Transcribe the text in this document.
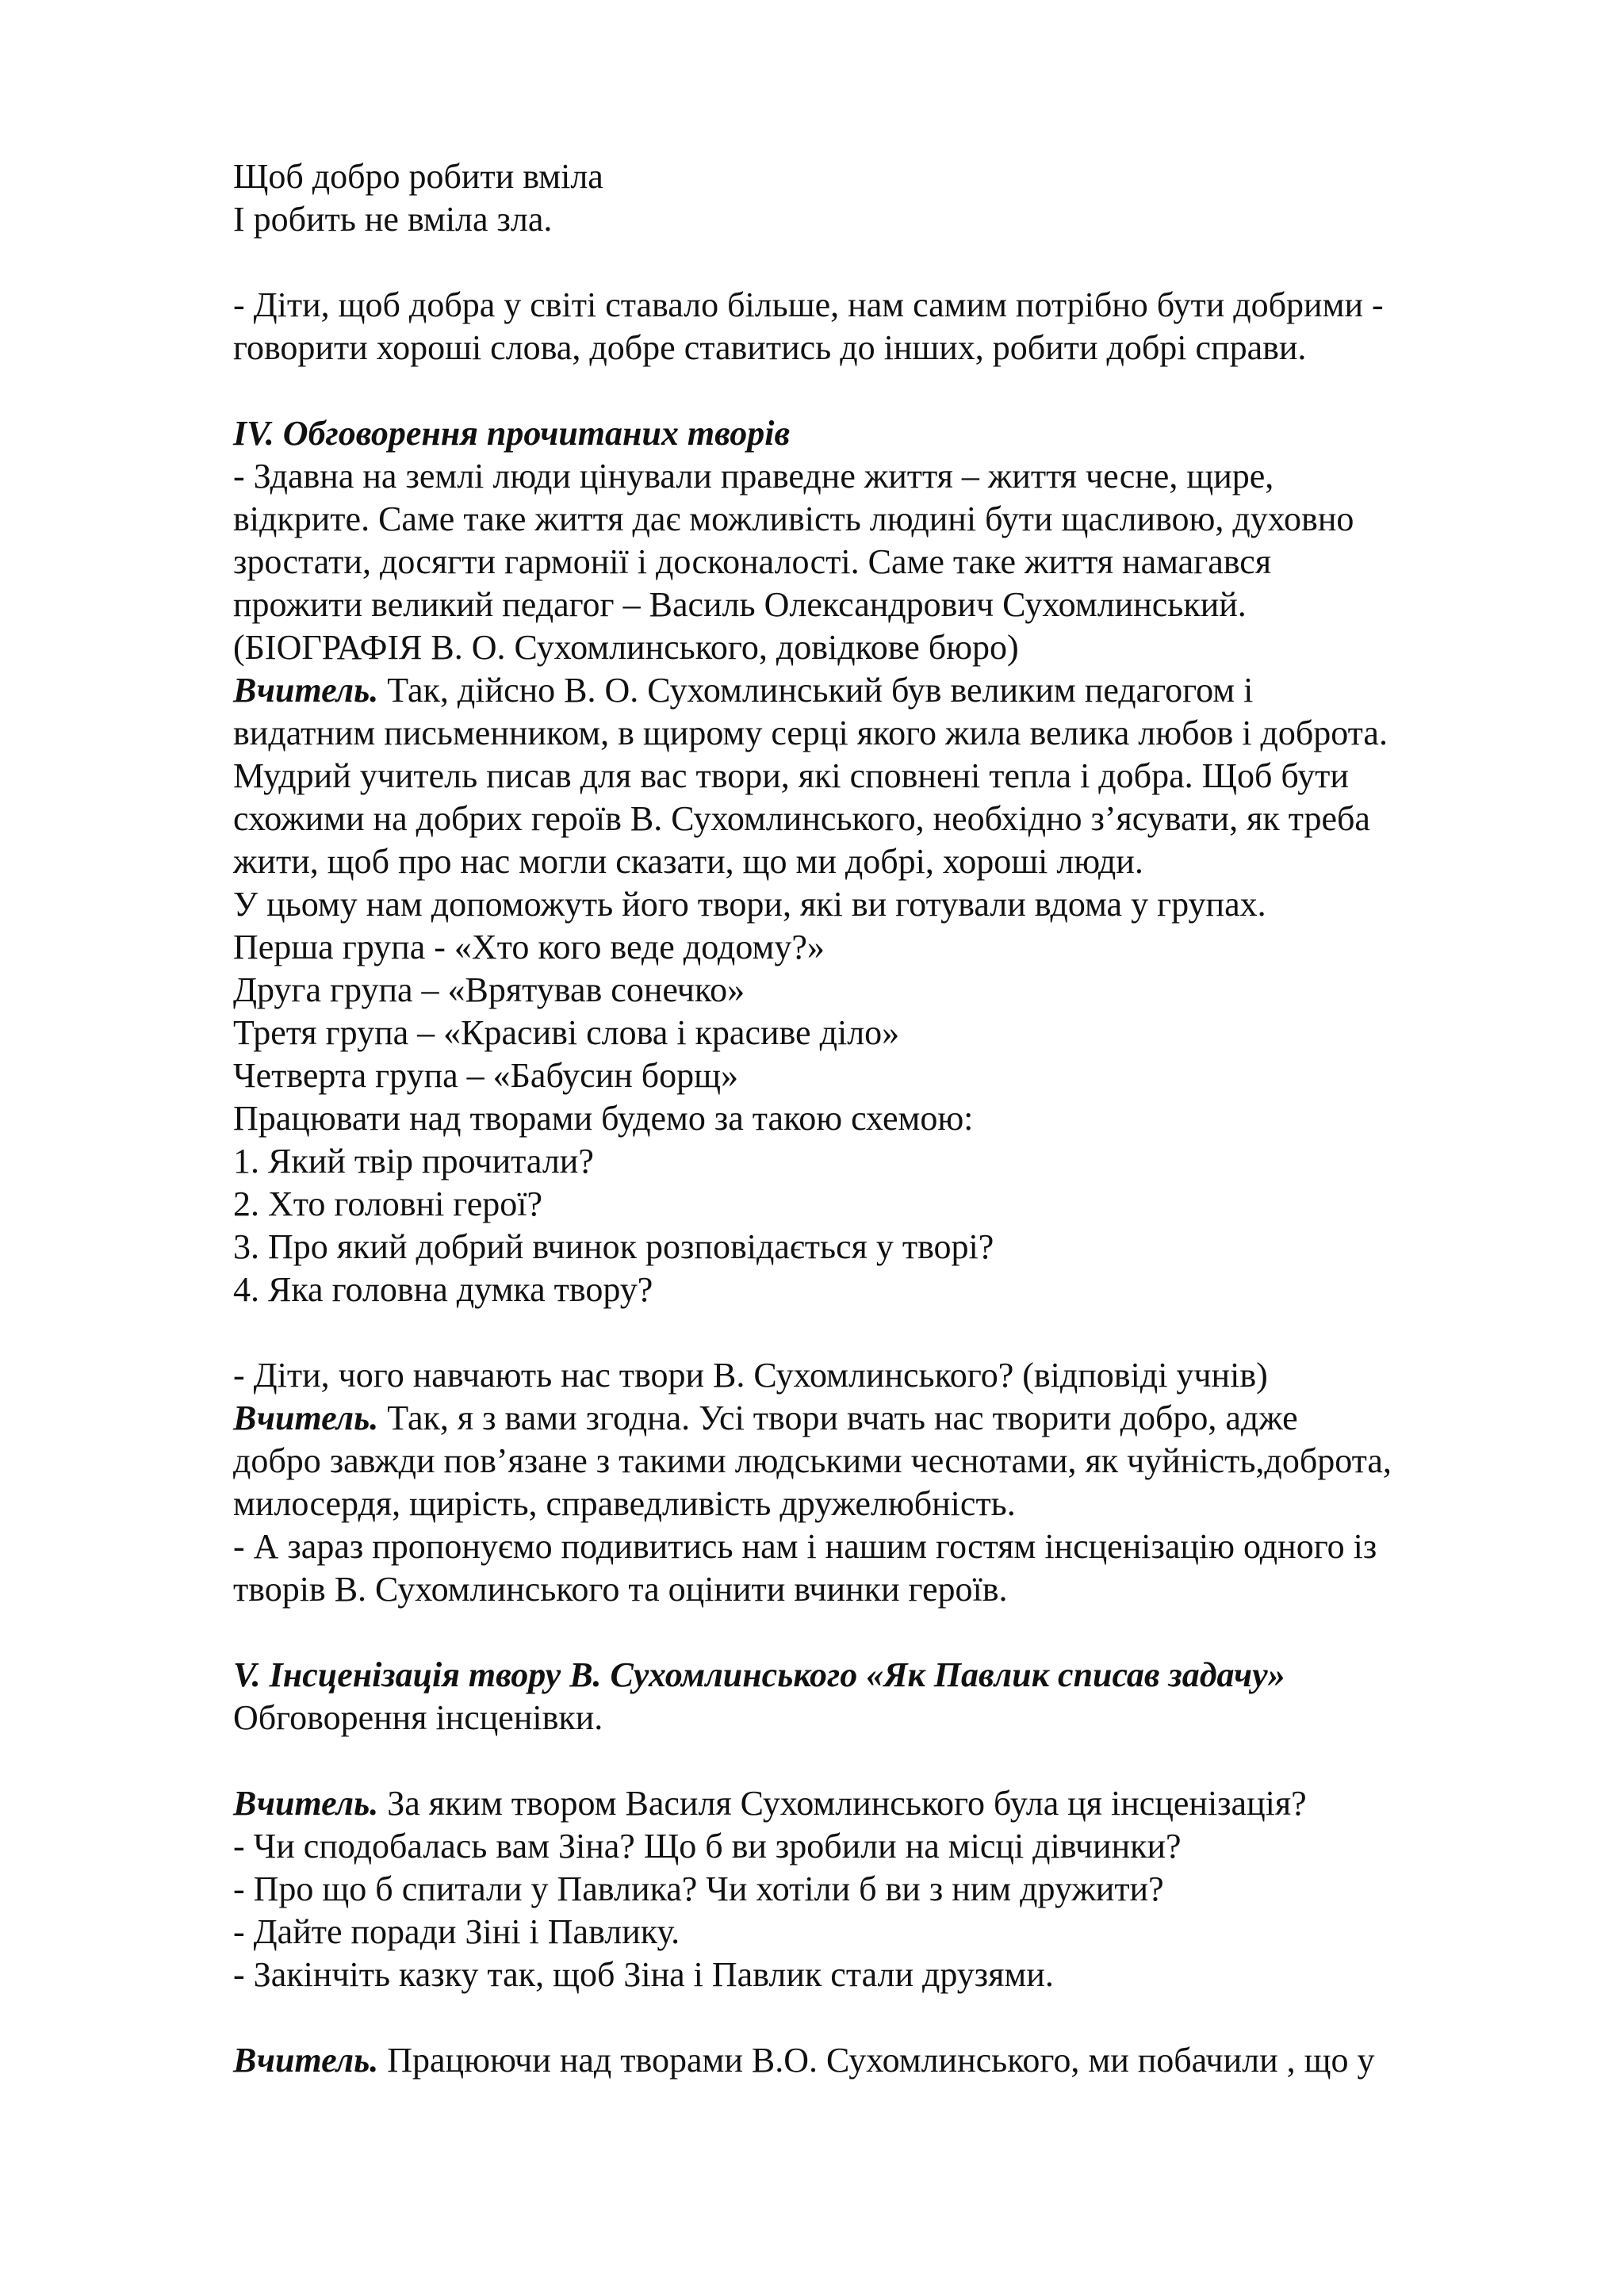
Щоб добро робити вміла
І робить не вміла зла.
- Діти, щоб добра у світі ставало більше, нам самим потрібно бути добрими -
говорити хороші слова, добре ставитись до інших, робити добрі справи.
IV. Обговорення прочитаних творів
- Здавна на землі люди цінували праведне життя – життя чесне, щире,
відкрите. Саме таке життя дає можливість людині бути щасливою, духовно
зростати, досягти гармонії і досконалості. Саме таке життя намагався
прожити великий педагог – Василь Олександрович Сухомлинський.
(БІОГРАФІЯ В. О. Сухомлинського, довідкове бюро)
Вчитель. Так, дійсно В. О. Сухомлинський був великим педагогом і
видатним письменником, в щирому серці якого жила велика любов і доброта.
Мудрий учитель писав для вас твори, які сповнені тепла і добра. Щоб бути
схожими на добрих героїв В. Сухомлинського, необхідно з’ясувати, як треба
жити, щоб про нас могли сказати, що ми добрі, хороші люди.
У цьому нам допоможуть його твори, які ви готували вдома у групах.
Перша група - «Хто кого веде додому?»
Друга група – «Врятував сонечко»
Третя група – «Красиві слова і красиве діло»
Четверта група – «Бабусин борщ»
Працювати над творами будемо за такою схемою:
1. Який твір прочитали?
2. Хто головні герої?
3. Про який добрий вчинок розповідається у творі?
4. Яка головна думка твору?
- Діти, чого навчають нас твори В. Сухомлинського? (відповіді учнів)
Вчитель. Так, я з вами згодна. Усі твори вчать нас творити добро, адже
добро завжди пов’язане з такими людськими чеснотами, як чуйність,доброта,
милосердя, щирість, справедливість дружелюбність.
- А зараз пропонуємо подивитись нам і нашим гостям інсценізацію одного із
творів В. Сухомлинського та оцінити вчинки героїв.
V. Інсценізація твору В. Сухомлинського «Як Павлик списав задачу»
Обговорення інсценівки.
Вчитель. За яким твором Василя Сухомлинського була ця інсценізація?
- Чи сподобалась вам Зіна? Що б ви зробили на місці дівчинки?
- Про що б спитали у Павлика? Чи хотіли б ви з ним дружити?
- Дайте поради Зіні і Павлику.
- Закінчіть казку так, щоб Зіна і Павлик стали друзями.
Вчитель. Працюючи над творами В.О. Сухомлинського, ми побачили , що у
